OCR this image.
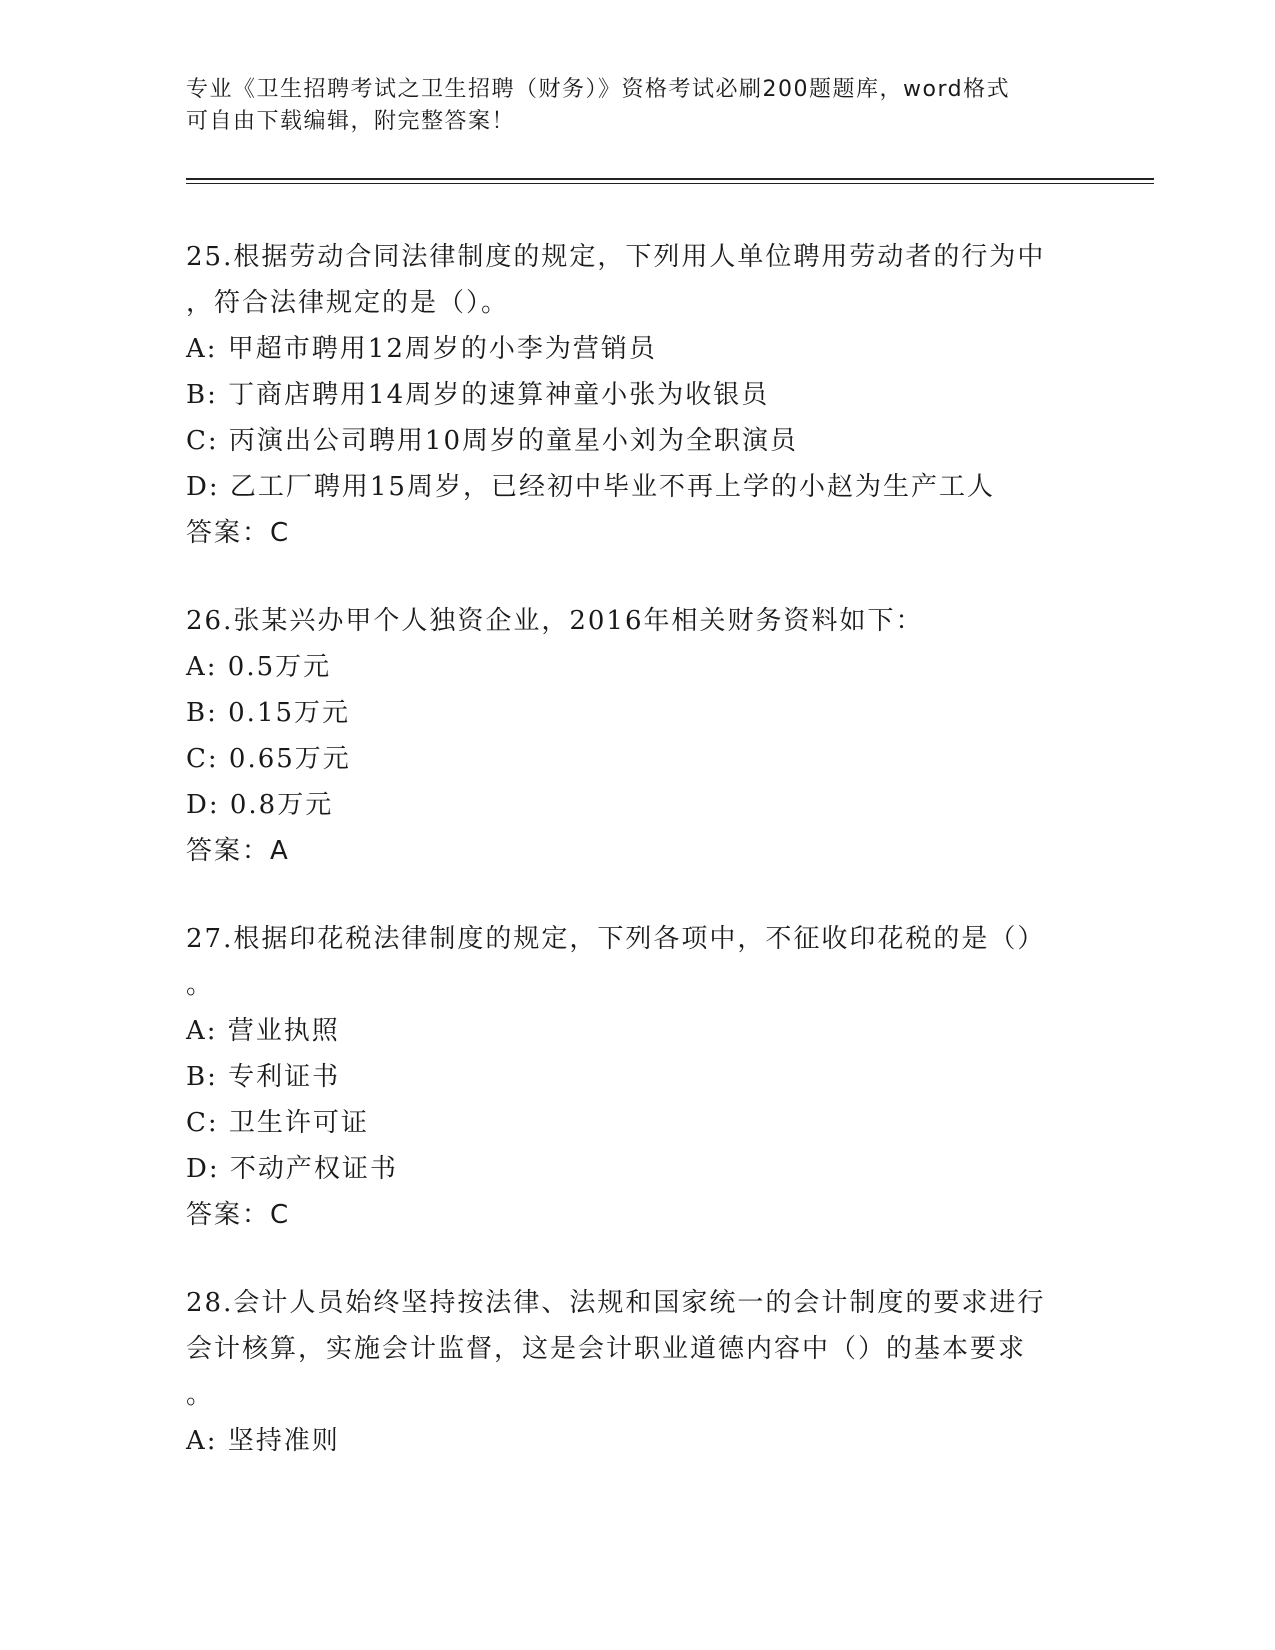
专业《卫生招聘考试之卫生招聘（财务）》资格考试必刷200题题库，word格式
可自由下载编辑，附完整答案！
25.根据劳动合同法律制度的规定，下列用人单位聘用劳动者的行为中
，符合法律规定的是（）。
A: 甲超市聘用12周岁的小李为营销员
B: 丁商店聘用14周岁的速算神童小张为收银员
C: 丙演出公司聘用10周岁的童星小刘为全职演员
D: 乙工厂聘用15周岁，已经初中毕业不再上学的小赵为生产工人
答案：C
26.张某兴办甲个人独资企业，2016年相关财务资料如下：
A: 0.5万元
B: 0.15万元
C: 0.65万元
D: 0.8万元
答案：A
27.根据印花税法律制度的规定，下列各项中，不征收印花税的是（）
。
A: 营业执照
B: 专利证书
C: 卫生许可证
D: 不动产权证书
答案：C
28.会计人员始终坚持按法律、法规和国家统一的会计制度的要求进行
会计核算，实施会计监督，这是会计职业道德内容中（）的基本要求
。
A: 坚持准则
